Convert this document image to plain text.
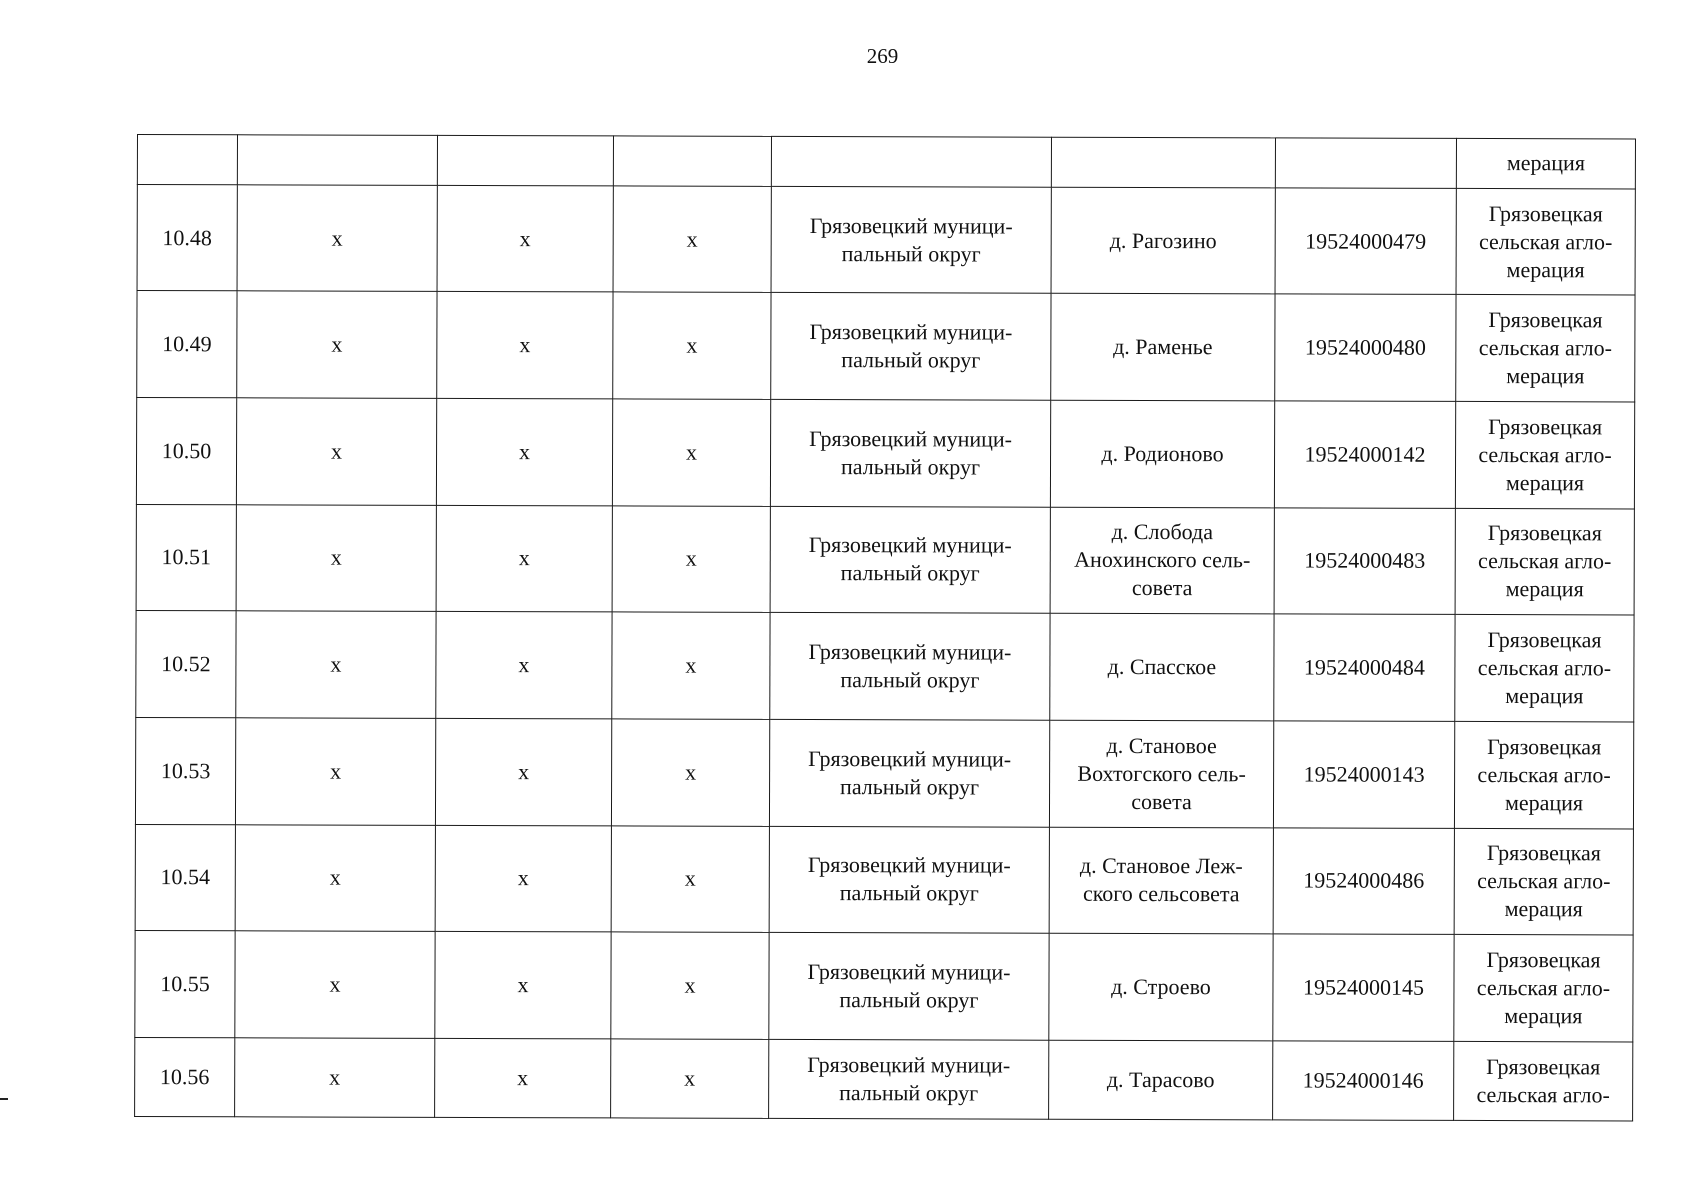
269
							мерация
10.48	х	х	х	Грязовецкий муници-пальный округ	д. Рагозино	19524000479	Грязовецкая сельская агло-мерация
10.49	х	х	х	Грязовецкий муници-пальный округ	д. Раменье	19524000480	Грязовецкая сельская агло-мерация
10.50	х	х	х	Грязовецкий муници-пальный округ	д. Родионово	19524000142	Грязовецкая сельская агло-мерация
10.51	х	х	х	Грязовецкий муници-пальный округ	д. Слобода Анохинского сель-совета	19524000483	Грязовецкая сельская агло-мерация
10.52	х	х	х	Грязовецкий муници-пальный округ	д. Спасское	19524000484	Грязовецкая сельская агло-мерация
10.53	х	х	х	Грязовецкий муници-пальный округ	д. Становое Вохтогского сель-совета	19524000143	Грязовецкая сельская агло-мерация
10.54	х	х	х	Грязовецкий муници-пальный округ	д. Становое Леж-ского сельсовета	19524000486	Грязовецкая сельская агло-мерация
10.55	х	х	х	Грязовецкий муници-пальный округ	д. Строево	19524000145	Грязовецкая сельская агло-мерация
10.56	х	х	х	Грязовецкий муници-пальный округ	д. Тарасово	19524000146	Грязовецкая сельская агло-
